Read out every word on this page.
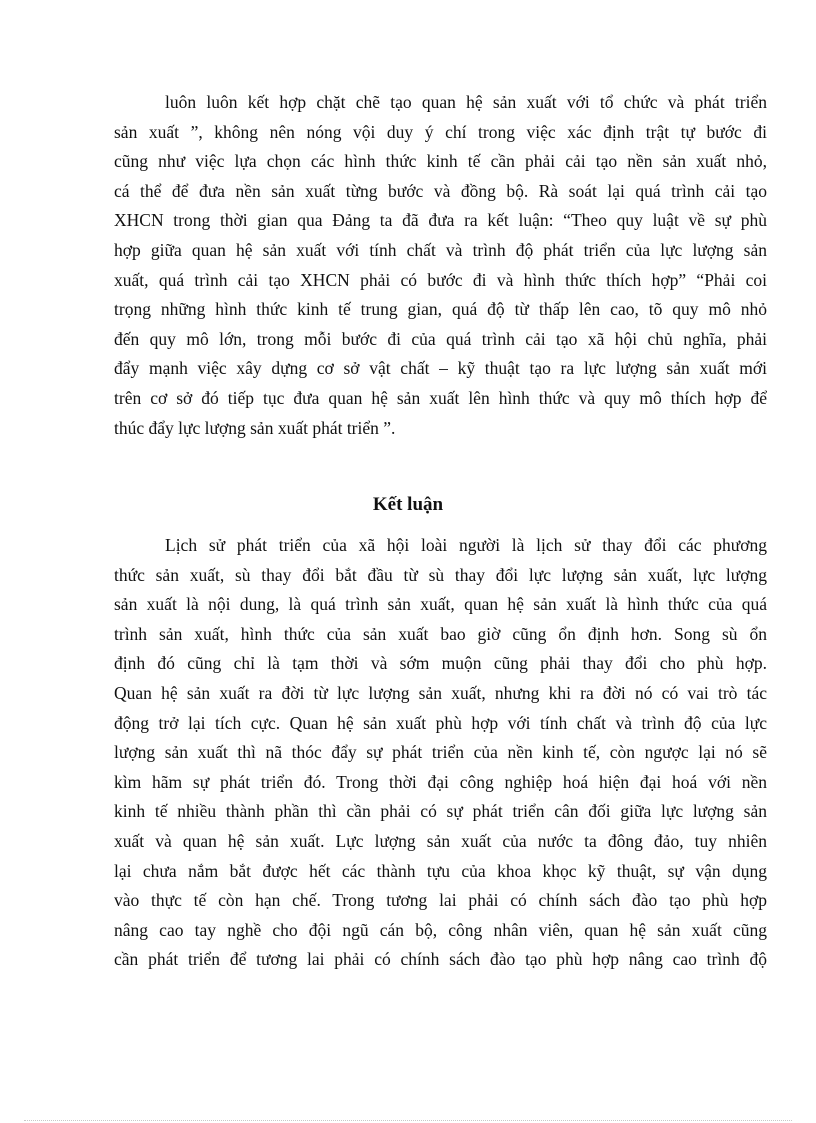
luôn luôn kết hợp chặt chẽ tạo quan hệ sản xuất với tổ chức và phát triển
sản xuất ”, không nên nóng vội duy ý chí trong việc xác định trật tự bước đi
cũng như việc lựa chọn các hình thức kinh tế cần phải cải tạo nền sản xuất nhỏ,
cá thể để đưa nền sản xuất từng bước và đồng bộ. Rà soát lại quá trình cải tạo
XHCN trong thời gian qua Đảng ta đã đưa ra kết luận: “Theo quy luật về sự phù
hợp giữa quan hệ sản xuất với tính chất và trình độ phát triển của lực lượng sản
xuất, quá trình cải tạo XHCN phải có bước đi và hình thức thích hợp” “Phải coi
trọng những hình thức kinh tế trung gian, quá độ từ thấp lên cao, tõ quy mô nhỏ
đến quy mô lớn, trong mỗi bước đi của quá trình cải tạo xã hội chủ nghĩa, phải
đẩy mạnh việc xây dựng cơ sở vật chất – kỹ thuật tạo ra lực lượng sản xuất mới
trên cơ sở đó tiếp tục đưa quan hệ sản xuất lên hình thức và quy mô thích hợp để
thúc đẩy lực lượng sản xuất phát triển ”.
Kết luận
Lịch sử phát triển của xã hội loài người là lịch sử thay đổi các phương
thức sản xuất, sù thay đổi bắt đầu từ sù thay đổi lực lượng sản xuất, lực lượng
sản xuất là nội dung, là quá trình sản xuất, quan hệ sản xuất là hình thức của quá
trình sản xuất, hình thức của sản xuất bao giờ cũng ổn định hơn. Song sù ổn
định đó cũng chỉ là tạm thời và sớm muộn cũng phải thay đổi cho phù hợp.
Quan hệ sản xuất ra đời từ lực lượng sản xuất, nhưng khi ra đời nó có vai trò tác
động trở lại tích cực. Quan hệ sản xuất phù hợp với tính chất và trình độ của lực
lượng sản xuất thì nã thóc đẩy sự phát triển của nền kinh tế, còn ngược lại nó sẽ
kìm hãm sự phát triển đó. Trong thời đại công nghiệp hoá hiện đại hoá với nền
kinh tế nhiều thành phần thì cần phải có sự phát triển cân đối giữa lực lượng sản
xuất và quan hệ sản xuất. Lực lượng sản xuất của nước ta đông đảo, tuy nhiên
lại chưa nắm bắt được hết các thành tựu của khoa khọc kỹ thuật, sự vận dụng
vào thực tế còn hạn chế. Trong tương lai phải có chính sách đào tạo phù hợp
nâng cao tay nghề cho đội ngũ cán bộ, công nhân viên, quan hệ sản xuất cũng
cần phát triển để tương lai phải có chính sách đào tạo phù hợp nâng cao trình độ
